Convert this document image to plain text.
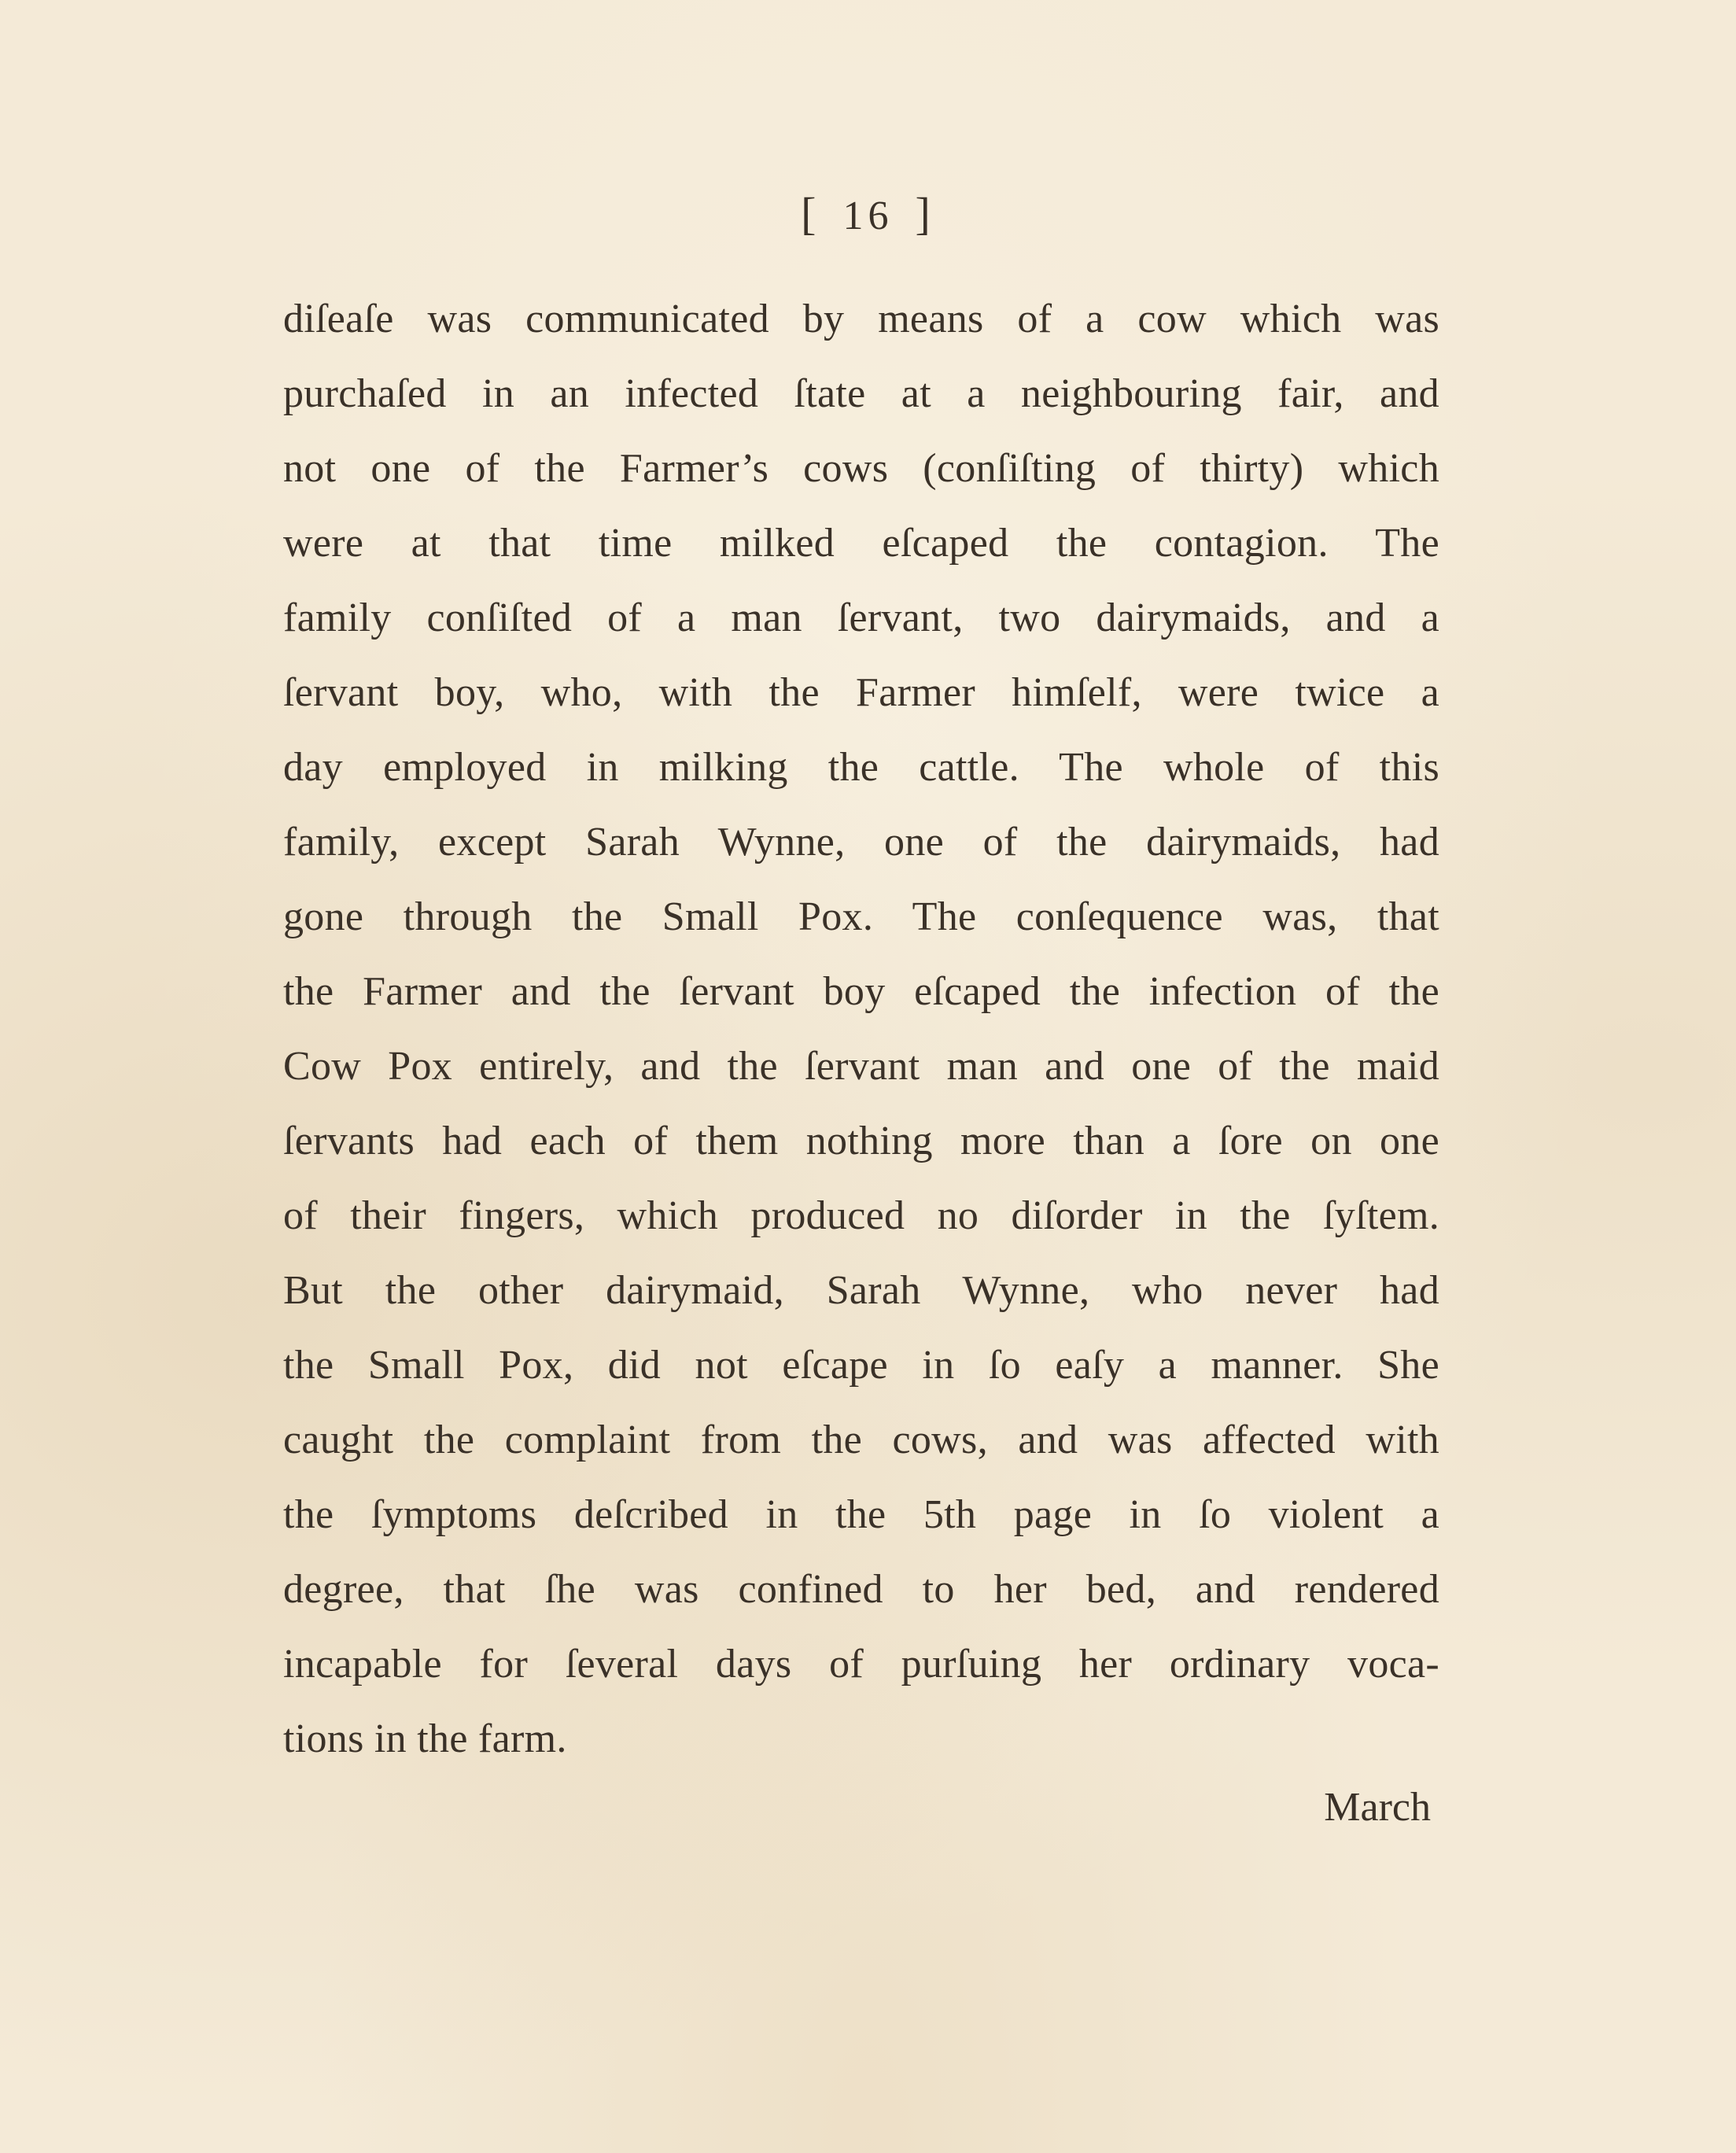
[ 16 ]
diſeaſe was communicated by means of a cow which was
purchaſed in an infected ſtate at a neighbouring fair, and
not one of the Farmer’s cows (conſiſting of thirty) which
were at that time milked eſcaped the contagion. The
family conſiſted of a man ſervant, two dairymaids, and a
ſervant boy, who, with the Farmer himſelf, were twice a
day employed in milking the cattle. The whole of this
family, except Sarah Wynne, one of the dairymaids, had
gone through the Small Pox. The conſequence was, that
the Farmer and the ſervant boy eſcaped the infection of the
Cow Pox entirely, and the ſervant man and one of the maid
ſervants had each of them nothing more than a ſore on one
of their fingers, which produced no diſorder in the ſyſtem.
But the other dairymaid, Sarah Wynne, who never had
the Small Pox, did not eſcape in ſo eaſy a manner. She
caught the complaint from the cows, and was affected with
the ſymptoms deſcribed in the 5th page in ſo violent a
degree, that ſhe was confined to her bed, and rendered
incapable for ſeveral days of purſuing her ordinary voca-
tions in the farm.
March
